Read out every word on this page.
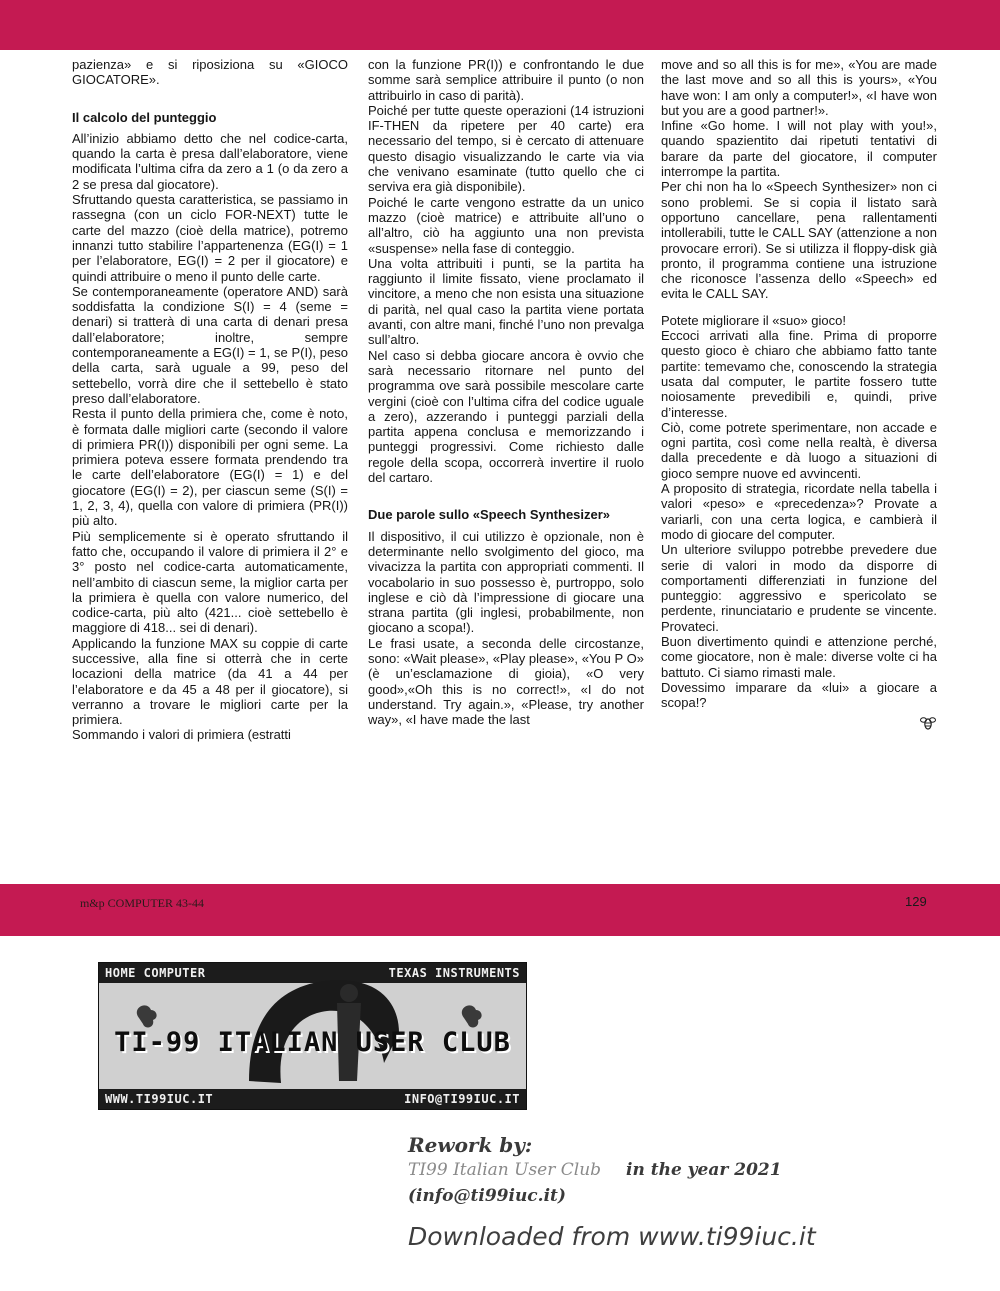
pazienza» e si riposiziona su «GIOCO GIOCATORE».

Il calcolo del punteggio

All’inizio abbiamo detto che nel codice-carta, quando la carta è presa dall’elaboratore, viene modificata l’ultima cifra da zero a 1 (o da zero a 2 se presa dal giocatore).

Sfruttando questa caratteristica, se passiamo in rassegna (con un ciclo FOR-NEXT) tutte le carte del mazzo (cioè della matrice), potremo innanzi tutto stabilire l’appartenenza (EG(I) = 1 per l’elaboratore, EG(I) = 2 per il giocatore) e quindi attribuire o meno il punto delle carte.

Se contemporaneamente (operatore AND) sarà soddisfatta la condizione S(I) = 4 (seme = denari) si tratterà di una carta di denari presa dall’elaboratore; inoltre, sempre contemporaneamente a EG(I) = 1, se P(I), peso della carta, sarà uguale a 99, peso del settebello, vorrà dire che il settebello è stato preso dall’elaboratore.

Resta il punto della primiera che, come è noto, è formata dalle migliori carte (secondo il valore di primiera PR(I)) disponibili per ogni seme. La primiera poteva essere formata prendendo tra le carte dell’elaboratore (EG(I) = 1) e del giocatore (EG(I) = 2), per ciascun seme (S(I) = 1, 2, 3, 4), quella con valore di primiera (PR(I)) più alto.

Più semplicemente si è operato sfruttando il fatto che, occupando il valore di primiera il 2° e 3° posto nel codice-carta automaticamente, nell’ambito di ciascun seme, la miglior carta per la primiera è quella con valore numerico, del codice-carta, più alto (421... cioè settebello è maggiore di 418... sei di denari).

Applicando la funzione MAX su coppie di carte successive, alla fine si otterrà che in certe locazioni della matrice (da 41 a 44 per l’elaboratore e da 45 a 48 per il giocatore), si verranno a trovare le migliori carte per la primiera.

Sommando i valori di primiera (estratti

con la funzione PR(I)) e confrontando le due somme sarà semplice attribuire il punto (o non attribuirlo in caso di parità).

Poiché per tutte queste operazioni (14 istruzioni IF-THEN da ripetere per 40 carte) era necessario del tempo, si è cercato di attenuare questo disagio visualizzando le carte via via che venivano esaminate (tutto quello che ci serviva era già disponibile).

Poiché le carte vengono estratte da un unico mazzo (cioè matrice) e attribuite all’uno o all’altro, ciò ha aggiunto una non prevista «suspense» nella fase di conteggio.

Una volta attribuiti i punti, se la partita ha raggiunto il limite fissato, viene proclamato il vincitore, a meno che non esista una situazione di parità, nel qual caso la partita viene portata avanti, con altre mani, finché l’uno non prevalga sull’altro.

Nel caso si debba giocare ancora è ovvio che sarà necessario ritornare nel punto del programma ove sarà possibile mescolare carte vergini (cioè con l’ultima cifra del codice uguale a zero), azzerando i punteggi parziali della partita appena conclusa e memorizzando i punteggi progressivi. Come richiesto dalle regole della scopa, occorrerà invertire il ruolo del cartaro.

Due parole sullo «Speech Synthesizer»

Il dispositivo, il cui utilizzo è opzionale, non è determinante nello svolgimento del gioco, ma vivacizza la partita con appropriati commenti. Il vocabolario in suo possesso è, purtroppo, solo inglese e ciò dà l’impressione di giocare una strana partita (gli inglesi, probabilmente, non giocano a scopa!).

Le frasi usate, a seconda delle circostanze, sono: «Wait please», «Play please», «You P O» (è un’esclamazione di gioia), «O very good»,«Oh this is no correct!», «I do not understand. Try again.», «Please, try another way», «I have made the last

move and so all this is for me», «You are made the last move and so all this is yours», «You have won: I am only a computer!», «I have won but you are a good partner!».

Infine «Go home. I will not play with you!», quando spazientito dai ripetuti tentativi di barare da parte del giocatore, il computer interrompe la partita.

Per chi non ha lo «Speech Synthesizer» non ci sono problemi. Se si copia il listato sarà opportuno cancellare, pena rallentamenti intollerabili, tutte le CALL SAY (attenzione a non provocare errori). Se si utilizza il floppy-disk già pronto, il programma contiene una istruzione che riconosce l’assenza dello «Speech» ed evita le CALL SAY.

Potete migliorare il «suo» gioco!

Eccoci arrivati alla fine. Prima di proporre questo gioco è chiaro che abbiamo fatto tante partite: temevamo che, conoscendo la strategia usata dal computer, le partite fossero tutte noiosamente prevedibili e, quindi, prive d’interesse.

Ciò, come potrete sperimentare, non accade e ogni partita, così come nella realtà, è diversa dalla precedente e dà luogo a situazioni di gioco sempre nuove ed avvincenti.

A proposito di strategia, ricordate nella tabella i valori «peso» e «precedenza»? Provate a variarli, con una certa logica, e cambierà il modo di giocare del computer.

Un ulteriore sviluppo potrebbe prevedere due serie di valori in modo da disporre di comportamenti differenziati in funzione del punteggio: aggressivo e spericolato se perdente, rinunciatario e prudente se vincente. Provateci.

Buon divertimento quindi e attenzione perché, come giocatore, non è male: diverse volte ci ha battuto. Ci siamo rimasti male.

Dovessimo imparare da «lui» a giocare a scopa!?

m&p COMPUTER 43-44	129
HOME COMPUTER	TEXAS INSTRUMENTS
TI-99 ITALIAN USER CLUB
WWW.TI99IUC.IT	INFO@TI99IUC.IT
Rework by:
TI99 Italian User Club in the year 2021
(info@ti99iuc.it)
Downloaded from www.ti99iuc.it
